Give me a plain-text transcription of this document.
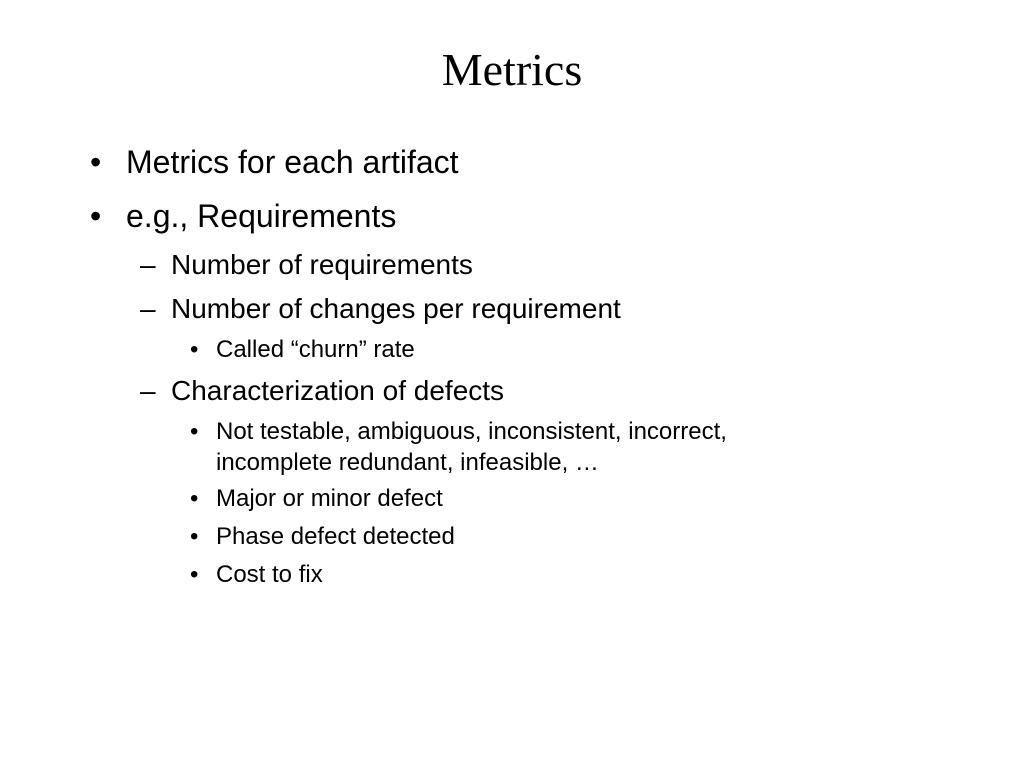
Metrics
• Metrics for each artifact
• e.g., Requirements
– Number of requirements
– Number of changes per requirement
• Called “churn” rate
– Characterization of defects
• Not testable, ambiguous, inconsistent, incorrect,
incomplete redundant, infeasible, …
• Major or minor defect
• Phase defect detected
• Cost to fix
